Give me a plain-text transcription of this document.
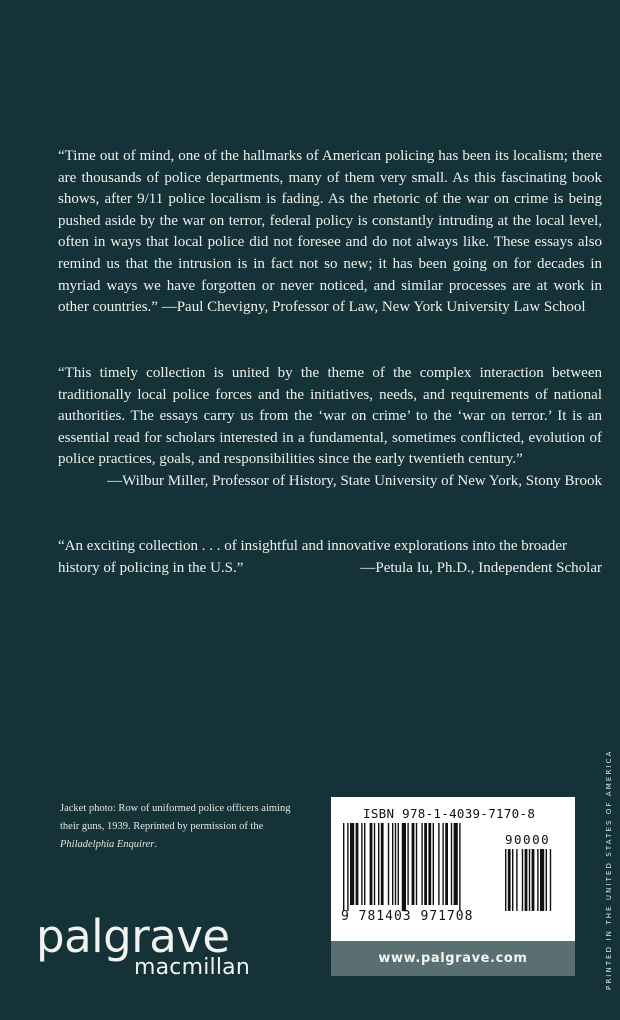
“Time out of mind, one of the hallmarks of American policing has been its localism; there are thousands of police departments, many of them very small. As this fascinating book shows, after 9/11 police localism is fading. As the rhetoric of the war on crime is being pushed aside by the war on terror, federal policy is constantly intruding at the local level, often in ways that local police did not foresee and do not always like. These essays also remind us that the intrusion is in fact not so new; it has been going on for decades in myriad ways we have forgotten or never noticed, and similar processes are at work in other countries.” —Paul Chevigny, Professor of Law, New York University Law School

“This timely collection is united by the theme of the complex interaction between traditionally local police forces and the initiatives, needs, and requirements of national authorities. The essays carry us from the ‘war on crime’ to the ‘war on terror.’ It is an essential read for scholars interested in a fundamental, sometimes conflicted, evolution of police practices, goals, and responsibilities since the early twentieth century.”

—Wilbur Miller, Professor of History, State University of New York, Stony Brook

“An exciting collection . . . of insightful and innovative explorations into the broader

history of policing in the U.S.”	—Petula Iu, Ph.D., Independent Scholar
Jacket photo: Row of uniformed police officers aiming their guns, 1939. Reprinted by permission of the Philadelphia Enquirer.
palgrave
macmillan
ISBN 978-1-4039-7170-8
90000
9 781403 971708
www.palgrave.com	PRINTED IN THE UNITED STATES OF AMERICA
